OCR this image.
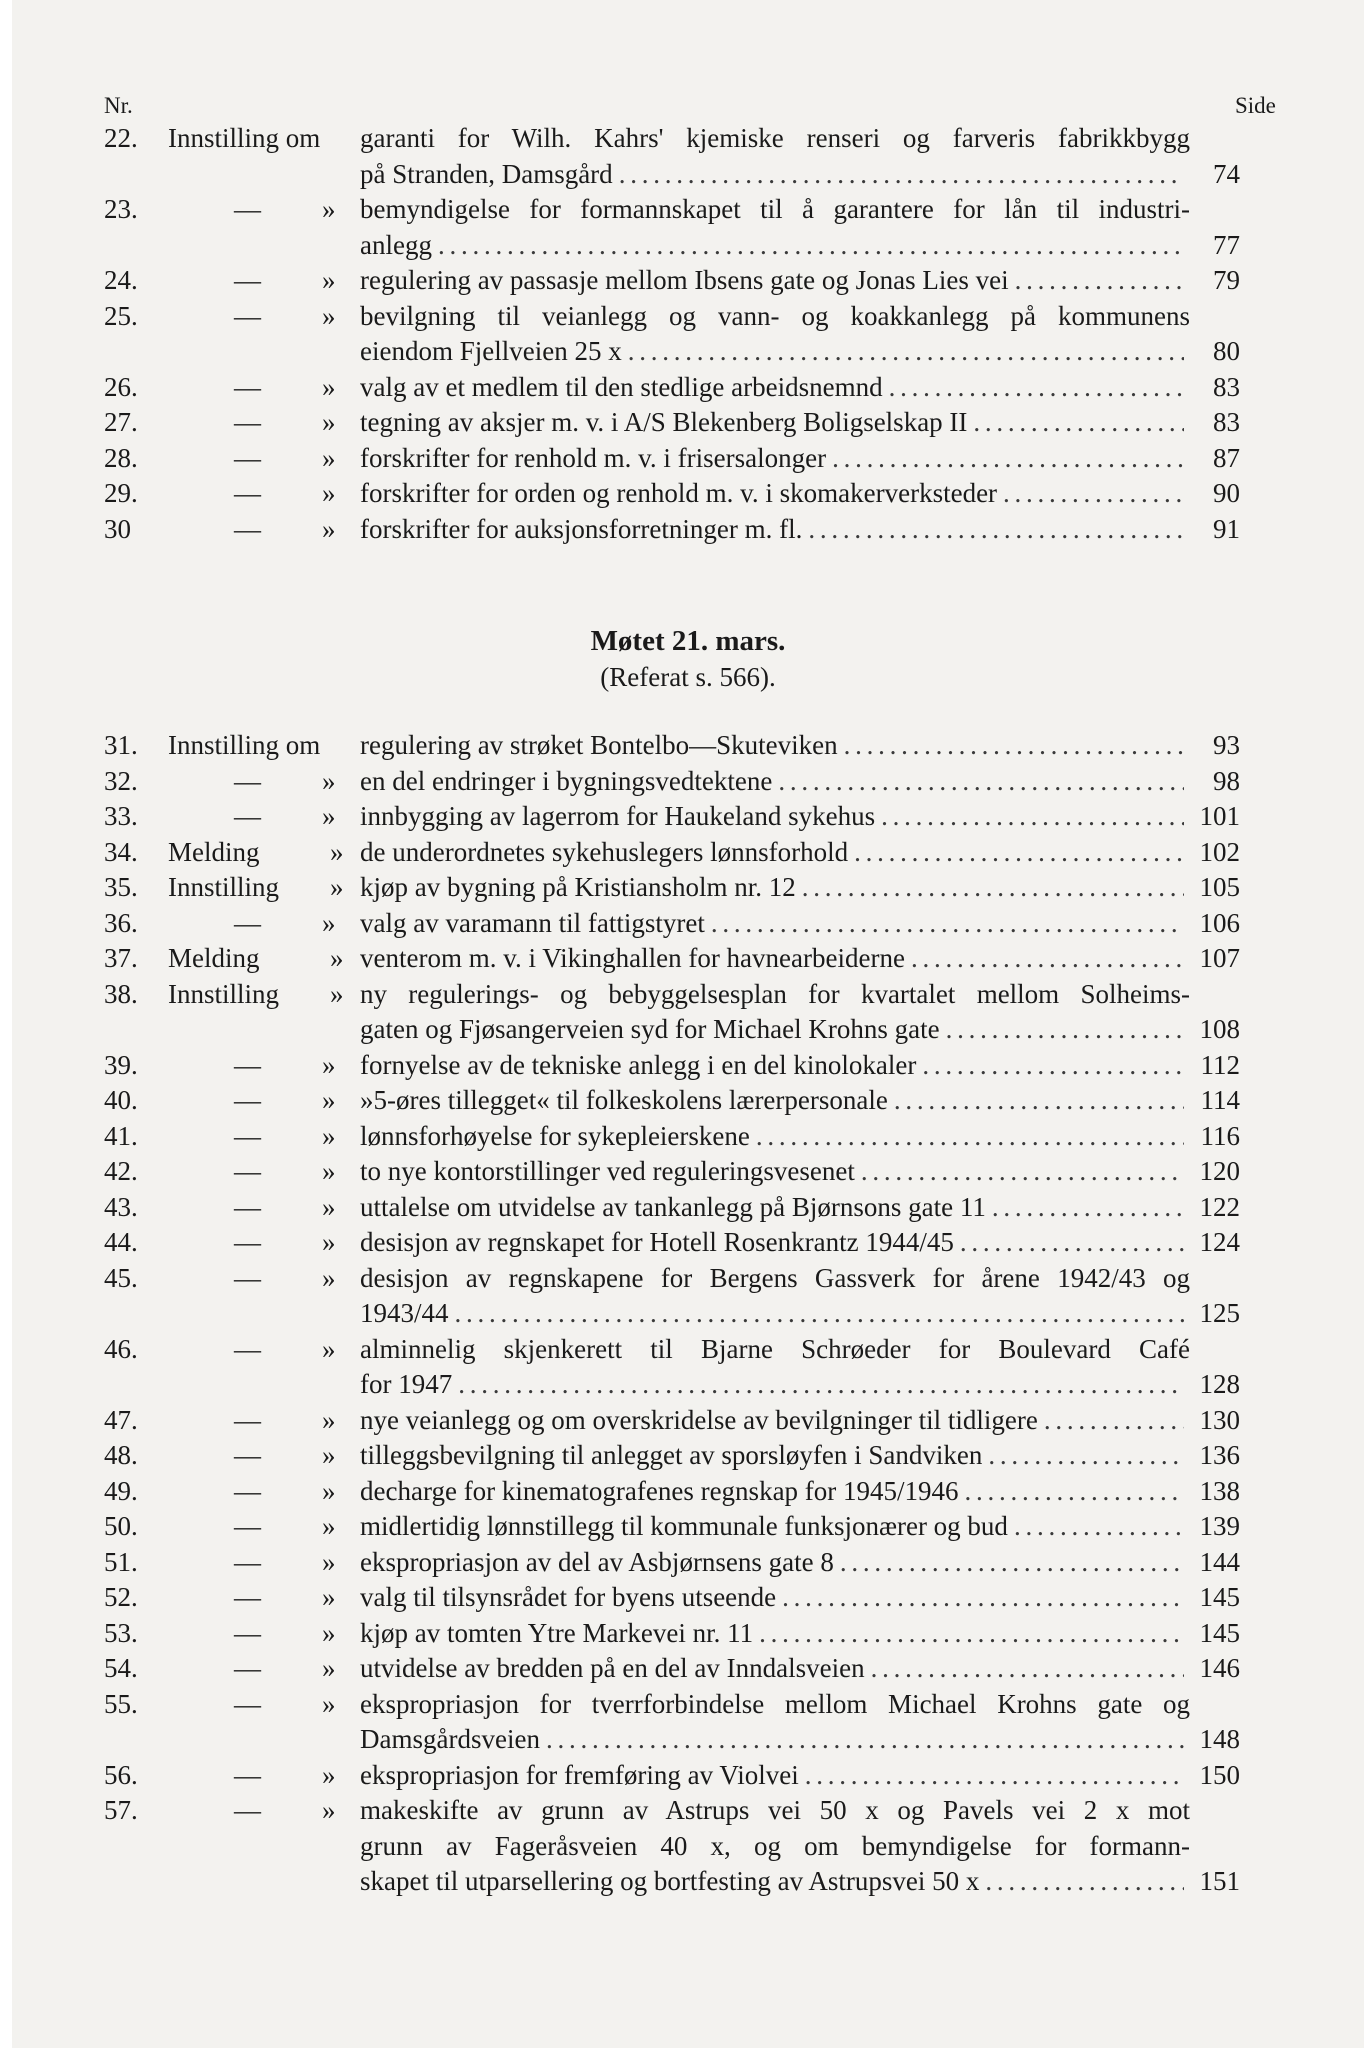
Nr.	Side
22. Innstilling om garanti for Wilh. Kahrs' kjemiske renseri og farveris fabrikkbygg
på Stranden, Damsgård . . .	74
23.	— » bemyndigelse for formannskapet til å garantere for lån til industri-
anlegg . . .	77
24.	— » regulering av passasje mellom Ibsens gate og Jonas Lies vei . . .	79
25.	— » bevilgning til veianlegg og vann- og koakkanlegg på kommunens
eiendom Fjellveien 25 x . . .	80
26.	— » valg av et medlem til den stedlige arbeidsnemnd . . .	83
27.	— » tegning av aksjer m. v. i A/S Blekenberg Boligselskap II . . .	83
28.	— » forskrifter for renhold m. v. i frisersalonger . . .	87
29.	— » forskrifter for orden og renhold m. v. i skomakerverksteder . . .	90
30	— » forskrifter for auksjonsforretninger m. fl. . . .	91
Møtet 21. mars.
(Referat s. 566).
31. Innstilling om regulering av strøket Bontelbo—Skuteviken . . .	93
32.	— » en del endringer i bygningsvedtektene . . .	98
33.	— » innbygging av lagerrom for Haukeland sykehus . . .	101
34. Melding	» de underordnetes sykehuslegers lønnsforhold . . .	102
35. Innstilling » kjøp av bygning på Kristiansholm nr. 12 . . .	105
36.	— » valg av varamann til fattigstyret . . .	106
37. Melding	» venterom m. v. i Vikinghallen for havnearbeiderne . . .	107
38. Innstilling » ny regulerings- og bebyggelsesplan for kvartalet mellom Solheims-
gaten og Fjøsangerveien syd for Michael Krohns gate . . .	108
39.	— » fornyelse av de tekniske anlegg i en del kinolokaler . . .	112
40.	— » »5-øres tillegget« til folkeskolens lærerpersonale . . .	114
41.	— » lønnsforhøyelse for sykepleierskene . . .	116
42.	— » to nye kontorstillinger ved reguleringsvesenet . . .	120
43.	— » uttalelse om utvidelse av tankanlegg på Bjørnsons gate 11 . . .	122
44.	— » desisjon av regnskapet for Hotell Rosenkrantz 1944/45 . . .	124
45.	— » desisjon av regnskapene for Bergens Gassverk for årene 1942/43 og
1943/44 . . .	125
46.	— » alminnelig skjenkerett til Bjarne Schrøeder for Boulevard Café
for 1947 . . .	128
47.	— » nye veianlegg og om overskridelse av bevilgninger til tidligere . . .	130
48.	— » tilleggsbevilgning til anlegget av sporsløyfen i Sandviken . . .	136
49.	— » decharge for kinematografenes regnskap for 1945/1946 . . .	138
50.	— » midlertidig lønnstillegg til kommunale funksjonærer og bud . . .	139
51.	— » ekspropriasjon av del av Asbjørnsens gate 8 . . .	144
52.	— » valg til tilsynsrådet for byens utseende . . .	145
53.	— » kjøp av tomten Ytre Markevei nr. 11 . . .	145
54.	— » utvidelse av bredden på en del av Inndalsveien . . .	146
55.	— » ekspropriasjon for tverrforbindelse mellom Michael Krohns gate og
Damsgårdsveien . . .	148
56.	— » ekspropriasjon for fremføring av Violvei . . .	150
57.	— » makeskifte av grunn av Astrups vei 50 x og Pavels vei 2 x mot
grunn av Fageråsveien 40 x, og om bemyndigelse for formann-
skapet til utparsellering og bortfesting av Astrupsvei 50 x . . .	151
